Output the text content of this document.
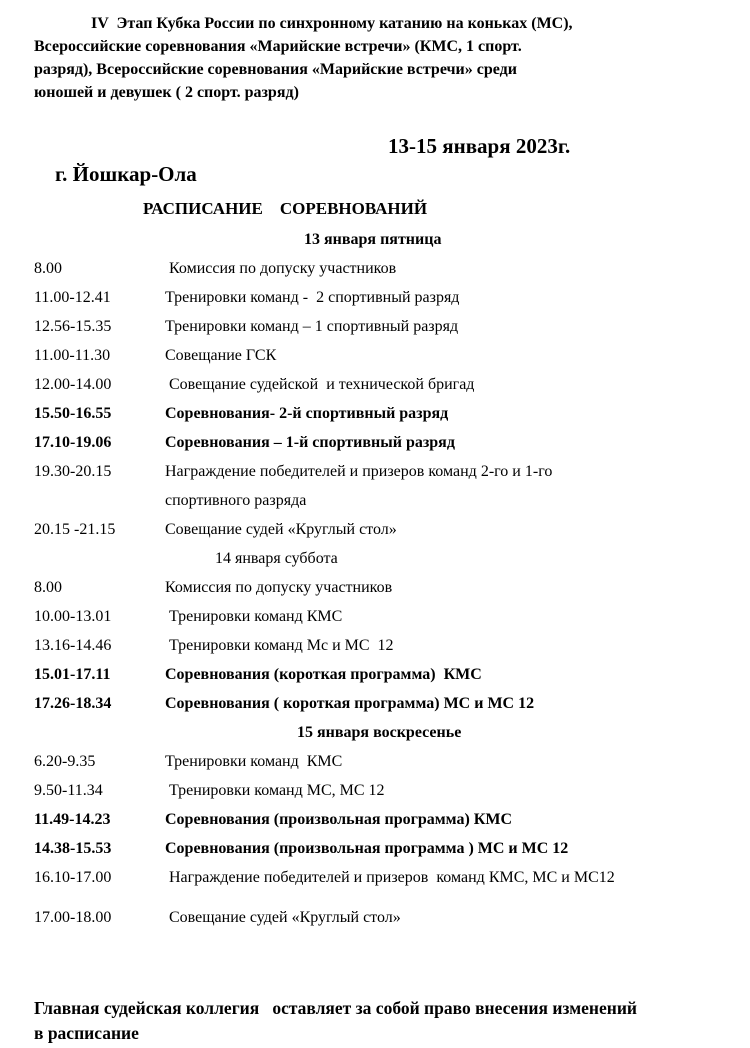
IV  Этап Кубка России по синхронному катанию на коньках (МС),
Всероссийские соревнования «Марийские встречи» (КМС, 1 спорт.
разряд), Всероссийские соревнования «Марийские встречи» среди
юношей и девушек ( 2 спорт. разряд)

г. Йошкар-Ола

13-15 января 2023г.

РАСПИСАНИЕ    СОРЕВНОВАНИЙ
13 января пятница
8.00	Комиссия по допуску участников
11.00-12.41	Тренировки команд -  2 спортивный разряд
12.56-15.35	Тренировки команд – 1 спортивный разряд
11.00-11.30	Совещание ГСК
12.00-14.00	Совещание судейской  и технической бригад
15.50-16.55	Соревнования- 2-й спортивный разряд
17.10-19.06	Соревнования – 1-й спортивный разряд
19.30-20.15	Награждение победителей и призеров команд 2-го и 1-го
спортивного разряда
20.15 -21.15	Совещание судей «Круглый стол»
14 января суббота
8.00	Комиссия по допуску участников
10.00-13.01	Тренировки команд КМС
13.16-14.46	Тренировки команд Мс и МС  12
15.01-17.11	Соревнования (короткая программа)  КМС
17.26-18.34	Соревнования ( короткая программа) МС и МС 12
15 января воскресенье
6.20-9.35	Тренировки команд  КМС
9.50-11.34	Тренировки команд МС, МС 12
11.49-14.23	Соревнования (произвольная программа) КМС
14.38-15.53	Соревнования (произвольная программа ) МС и МС 12
16.10-17.00	Награждение победителей и призеров  команд КМС, МС и МС12
17.00-18.00	Совещание судей «Круглый стол»
Главная судейская коллегия   оставляет за собой право внесения изменений
в расписание
